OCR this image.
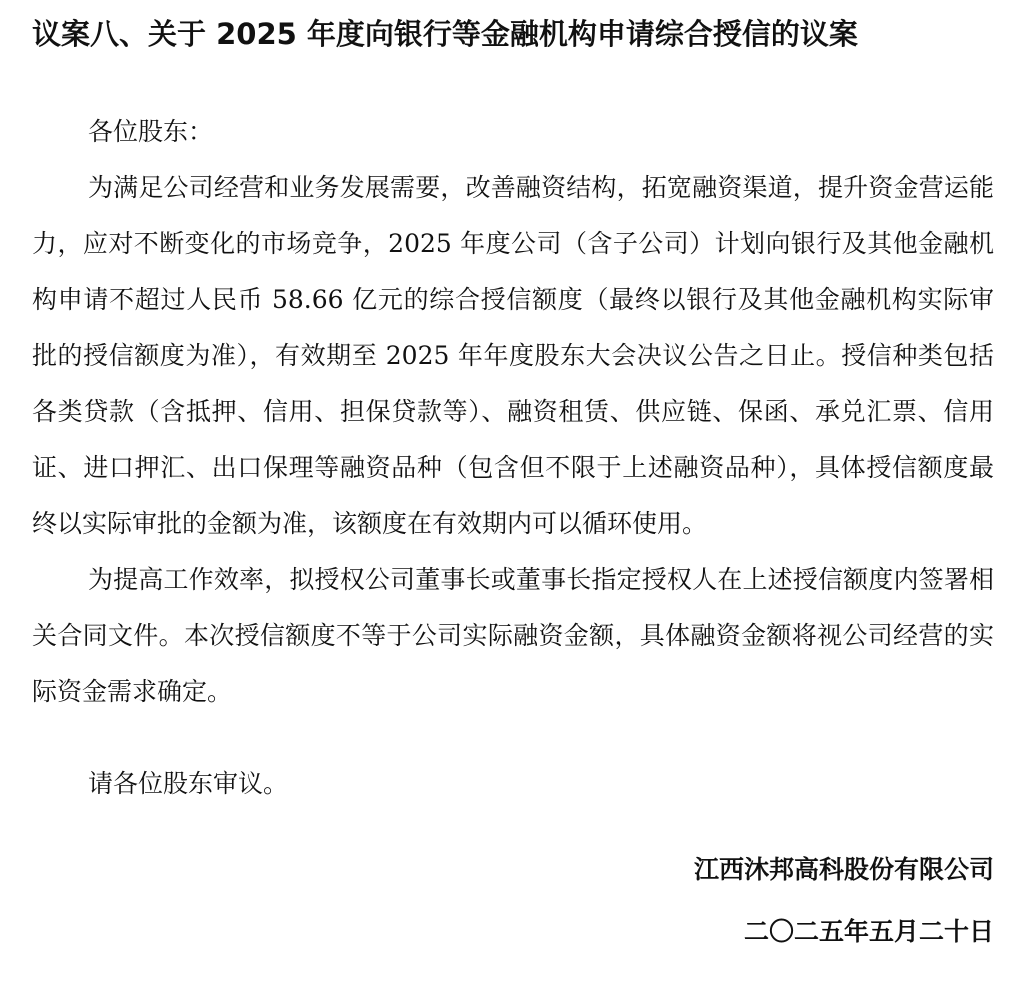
议案八、关于 2025 年度向银行等金融机构申请综合授信的议案

各位股东：

为满足公司经营和业务发展需要，改善融资结构，拓宽融资渠道，提升资金营运能力，应对不断变化的市场竞争，2025 年度公司（含子公司）计划向银行及其他金融机构申请不超过人民币 58.66 亿元的综合授信额度（最终以银行及其他金融机构实际审批的授信额度为准），有效期至 2025 年年度股东大会决议公告之日止。授信种类包括各类贷款（含抵押、信用、担保贷款等）、融资租赁、供应链、保函、承兑汇票、信用证、进口押汇、出口保理等融资品种（包含但不限于上述融资品种），具体授信额度最终以实际审批的金额为准，该额度在有效期内可以循环使用。

为提高工作效率，拟授权公司董事长或董事长指定授权人在上述授信额度内签署相关合同文件。本次授信额度不等于公司实际融资金额，具体融资金额将视公司经营的实际资金需求确定。

请各位股东审议。

江西沐邦高科股份有限公司

二〇二五年五月二十日
